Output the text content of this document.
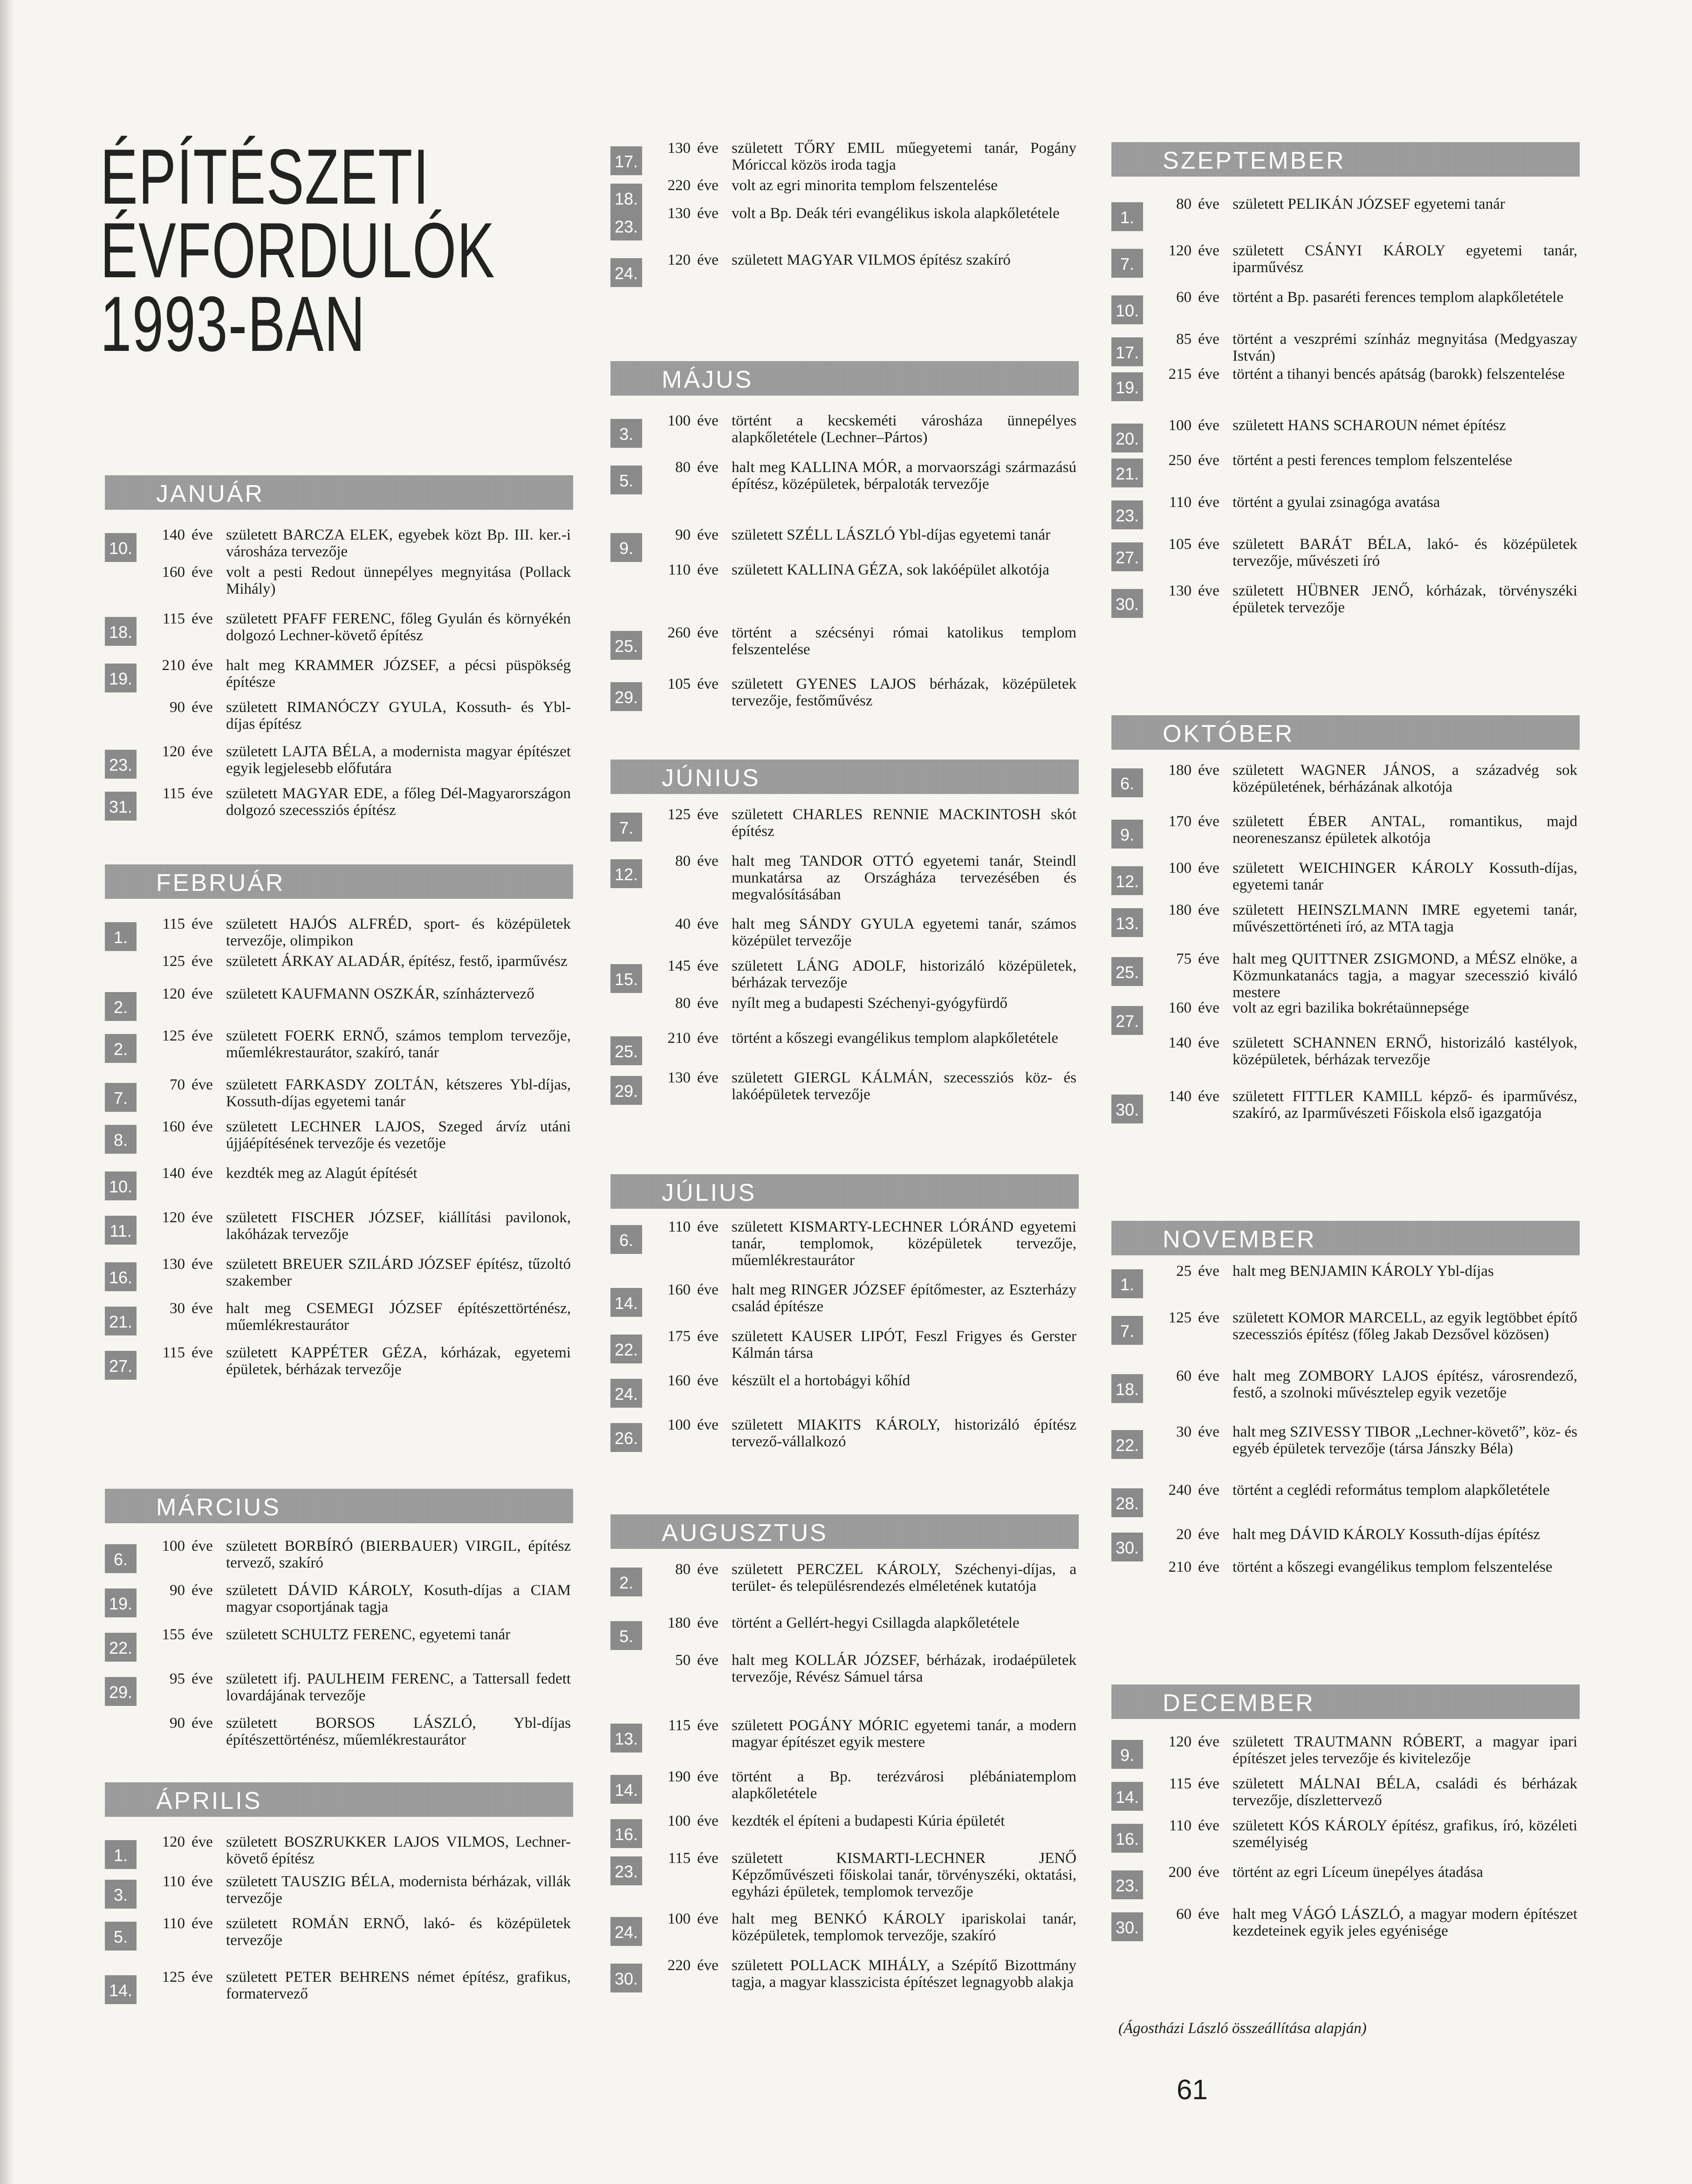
ÉPÍTÉSZETI
ÉVFORDULÓK
1993-BAN
JANUÁR
10.
140 éve született BARCZA ELEK, egyebek közt Bp. III. ker.-i városháza tervezője
160 éve volt a pesti Redout ünnepélyes megnyitása (Pollack Mihály)
18.
115 éve született PFAFF FERENC, főleg Gyulán és környékén dolgozó Lechner-követő építész
19.
210 éve halt meg KRAMMER JÓZSEF, a pécsi püspökség építésze
90 éve született RIMANÓCZY GYULA, Kossuth- és Ybl-díjas építész
23.
120 éve született LAJTA BÉLA, a modernista magyar építészet egyik legjelesebb előfutára
31.
115 éve született MAGYAR EDE, a főleg Dél-Magyarországon dolgozó szecessziós építész
FEBRUÁR
1.
115 éve született HAJÓS ALFRÉD, sport- és középületek tervezője, olimpikon
125 éve született ÁRKAY ALADÁR, építész, festő, iparművész
2.
120 éve született KAUFMANN OSZKÁR, színháztervező
2.
125 éve született FOERK ERNŐ, számos templom tervezője, műemlékrestaurátor, szakíró, tanár
7.
70 éve született FARKASDY ZOLTÁN, kétszeres Ybl-díjas, Kossuth-díjas egyetemi tanár
8.
160 éve született LECHNER LAJOS, Szeged árvíz utáni újjáépítésének tervezője és vezetője
10.
140 éve kezdték meg az Alagút építését
11.
120 éve született FISCHER JÓZSEF, kiállítási pavilonok, lakóházak tervezője
16.
130 éve született BREUER SZILÁRD JÓZSEF építész, tűzoltó szakember
21.
30 éve halt meg CSEMEGI JÓZSEF építészettörténész, műemlékrestaurátor
27.
115 éve született KAPPÉTER GÉZA, kórházak, egyetemi épületek, bérházak tervezője
MÁRCIUS
6.
100 éve született BORBÍRÓ (BIERBAUER) VIRGIL, építész tervező, szakíró
19.
90 éve született DÁVID KÁROLY, Kosuth-díjas a CIAM magyar csoportjának tagja
22.
155 éve született SCHULTZ FERENC, egyetemi tanár
29.
95 éve született ifj. PAULHEIM FERENC, a Tattersall fedett lovardájának tervezője
90 éve született BORSOS LÁSZLÓ, Ybl-díjas építészettörténész, műemlékrestaurátor
ÁPRILIS
1.
120 éve született BOSZRUKKER LAJOS VILMOS, Lechner-követő építész
3.
110 éve született TAUSZIG BÉLA, modernista bérházak, villák tervezője
5.
110 éve született ROMÁN ERNŐ, lakó- és középületek tervezője
14.
125 éve született PETER BEHRENS német építész, grafikus, formatervező
17.
130 éve született TŐRY EMIL műegyetemi tanár, Pogány Móriccal közös iroda tagja
18.
220 éve volt az egri minorita templom felszentelése
23.
130 éve volt a Bp. Deák téri evangélikus iskola alapkőletétele
24.
120 éve született MAGYAR VILMOS építész szakíró
MÁJUS
3.
100 éve történt a kecskeméti városháza ünnepélyes alapkőletétele (Lechner–Pártos)
5.
80 éve halt meg KALLINA MÓR, a morvaországi származású építész, középületek, bérpaloták tervezője
9.
90 éve született SZÉLL LÁSZLÓ Ybl-díjas egyetemi tanár
110 éve született KALLINA GÉZA, sok lakóépület alkotója
25.
260 éve történt a szécsényi római katolikus templom felszentelése
29.
105 éve született GYENES LAJOS bérházak, középületek tervezője, festőművész
JÚNIUS
7.
125 éve született CHARLES RENNIE MACKINTOSH skót építész
12.
80 éve halt meg TANDOR OTTÓ egyetemi tanár, Steindl munkatársa az Országháza tervezésében és megvalósításában
40 éve halt meg SÁNDY GYULA egyetemi tanár, számos középület tervezője
15.
145 éve született LÁNG ADOLF, historizáló középületek, bérházak tervezője
80 éve nyílt meg a budapesti Széchenyi-gyógyfürdő
25.
210 éve történt a kőszegi evangélikus templom alapkőletétele
29.
130 éve született GIERGL KÁLMÁN, szecessziós köz- és lakóépületek tervezője
JÚLIUS
6.
110 éve született KISMARTY-LECHNER LÓRÁND egyetemi tanár, templomok, középületek tervezője, műemlékrestaurátor
14.
160 éve halt meg RINGER JÓZSEF építőmester, az Eszterházy család építésze
22.
175 éve született KAUSER LIPÓT, Feszl Frigyes és Gerster Kálmán társa
24.
160 éve készült el a hortobágyi kőhíd
26.
100 éve született MIAKITS KÁROLY, historizáló építész tervező-vállalkozó
AUGUSZTUS
2.
80 éve született PERCZEL KÁROLY, Széchenyi-díjas, a terület- és településrendezés elméletének kutatója
5.
180 éve történt a Gellért-hegyi Csillagda alapkőletétele
50 éve halt meg KOLLÁR JÓZSEF, bérházak, irodaépületek tervezője, Révész Sámuel társa
13.
115 éve született POGÁNY MÓRIC egyetemi tanár, a modern magyar építészet egyik mestere
14.
190 éve történt a Bp. terézvárosi plébániatemplom alapkőletétele
16.
100 éve kezdték el építeni a budapesti Kúria épületét
23.
115 éve született KISMARTI-LECHNER JENŐ Képzőművészeti főiskolai tanár, törvényszéki, oktatási, egyházi épületek, templomok tervezője
24.
100 éve halt meg BENKÓ KÁROLY ipariskolai tanár, középületek, templomok tervezője, szakíró
30.
220 éve született POLLACK MIHÁLY, a Szépítő Bizottmány tagja, a magyar klasszicista építészet legnagyobb alakja
SZEPTEMBER
1.
80 éve született PELIKÁN JÓZSEF egyetemi tanár
7.
120 éve született CSÁNYI KÁROLY egyetemi tanár, iparművész
10.
60 éve történt a Bp. pasaréti ferences templom alapkőletétele
17.
85 éve történt a veszprémi színház megnyitása (Medgyaszay István)
19.
215 éve történt a tihanyi bencés apátság (barokk) felszentelése
20.
100 éve született HANS SCHAROUN német építész
21.
250 éve történt a pesti ferences templom felszentelése
23.
110 éve történt a gyulai zsinagóga avatása
27.
105 éve született BARÁT BÉLA, lakó- és középületek tervezője, művészeti író
30.
130 éve született HÜBNER JENŐ, kórházak, törvényszéki épületek tervezője
OKTÓBER
6.
180 éve született WAGNER JÁNOS, a századvég sok középületének, bérházának alkotója
9.
170 éve született ÉBER ANTAL, romantikus, majd neoreneszansz épületek alkotója
12.
100 éve született WEICHINGER KÁROLY Kossuth-díjas, egyetemi tanár
13.
180 éve született HEINSZLMANN IMRE egyetemi tanár, művészettörténeti író, az MTA tagja
25.
75 éve halt meg QUITTNER ZSIGMOND, a MÉSZ elnöke, a Közmunkatanács tagja, a magyar szecesszió kiváló mestere
27.
160 éve volt az egri bazilika bokrétaünnepsége
140 éve született SCHANNEN ERNŐ, historizáló kastélyok, középületek, bérházak tervezője
30.
140 éve született FITTLER KAMILL képző- és iparművész, szakíró, az Iparművészeti Főiskola első igazgatója
NOVEMBER
1.
25 éve halt meg BENJAMIN KÁROLY Ybl-díjas
7.
125 éve született KOMOR MARCELL, az egyik legtöbbet építő szecessziós építész (főleg Jakab Dezsővel közösen)
18.
60 éve halt meg ZOMBORY LAJOS építész, városrendező, festő, a szolnoki művésztelep egyik vezetője
22.
30 éve halt meg SZIVESSY TIBOR „Lechner-követő”, köz- és egyéb épületek tervezője (társa Jánszky Béla)
28.
240 éve történt a ceglédi református templom alapkőletétele
30.
20 éve halt meg DÁVID KÁROLY Kossuth-díjas építész
210 éve történt a kőszegi evangélikus templom felszentelése
DECEMBER
9.
120 éve született TRAUTMANN RÓBERT, a magyar ipari építészet jeles tervezője és kivitelezője
14.
115 éve született MÁLNAI BÉLA, családi és bérházak tervezője, díszlettervező
16.
110 éve született KÓS KÁROLY építész, grafikus, író, közéleti személyiség
23.
200 éve történt az egri Líceum ünepélyes átadása
30.
60 éve halt meg VÁGÓ LÁSZLÓ, a magyar modern építészet kezdeteinek egyik jeles egyénisége
(Ágostházi László összeállítása alapján)
61
